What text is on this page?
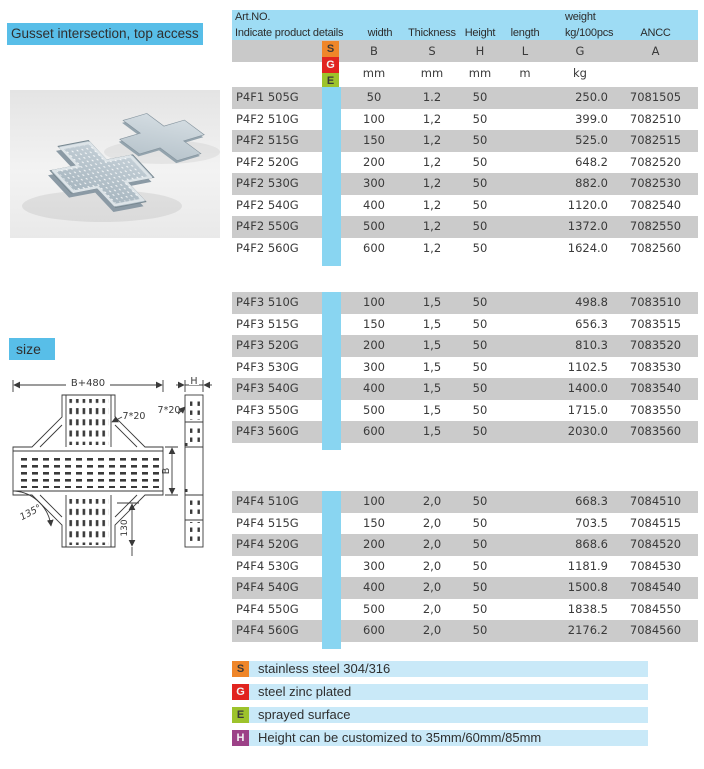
Gusset intersection, top access
size
B+480	H
B
130
135°
7*20
7*20
Art.NO.
Indicate product details	width	Thickness Height	length
weight
kg/100pcs	ANCC
B	S	H	L	G	A
mm	mm	mm	m	kg
S
G
E
P4F1 505G	50	1.2	50	250.0	7081505
P4F2 510G	100	1,2	50	399.0	7082510
P4F2 515G	150	1,2	50	525.0	7082515
P4F2 520G	200	1,2	50	648.2	7082520
P4F2 530G	300	1,2	50	882.0	7082530
P4F2 540G	400	1,2	50	1120.0	7082540
P4F2 550G	500	1,2	50	1372.0	7082550
P4F2 560G	600	1,2	50	1624.0	7082560
P4F3 510G	100	1,5	50	498.8	7083510
P4F3 515G	150	1,5	50	656.3	7083515
P4F3 520G	200	1,5	50	810.3	7083520
P4F3 530G	300	1,5	50	1102.5	7083530
P4F3 540G	400	1,5	50	1400.0	7083540
P4F3 550G	500	1,5	50	1715.0	7083550
P4F3 560G	600	1,5	50	2030.0	7083560
P4F4 510G	100	2,0	50	668.3	7084510
P4F4 515G	150	2,0	50	703.5	7084515
P4F4 520G	200	2,0	50	868.6	7084520
P4F4 530G	300	2,0	50	1181.9	7084530
P4F4 540G	400	2,0	50	1500.8	7084540
P4F4 550G	500	2,0	50	1838.5	7084550
P4F4 560G	600	2,0	50	2176.2	7084560
S	stainless steel 304/316
G	steel zinc plated
E	sprayed surface
H	Height can be customized to 35mm/60mm/85mm
